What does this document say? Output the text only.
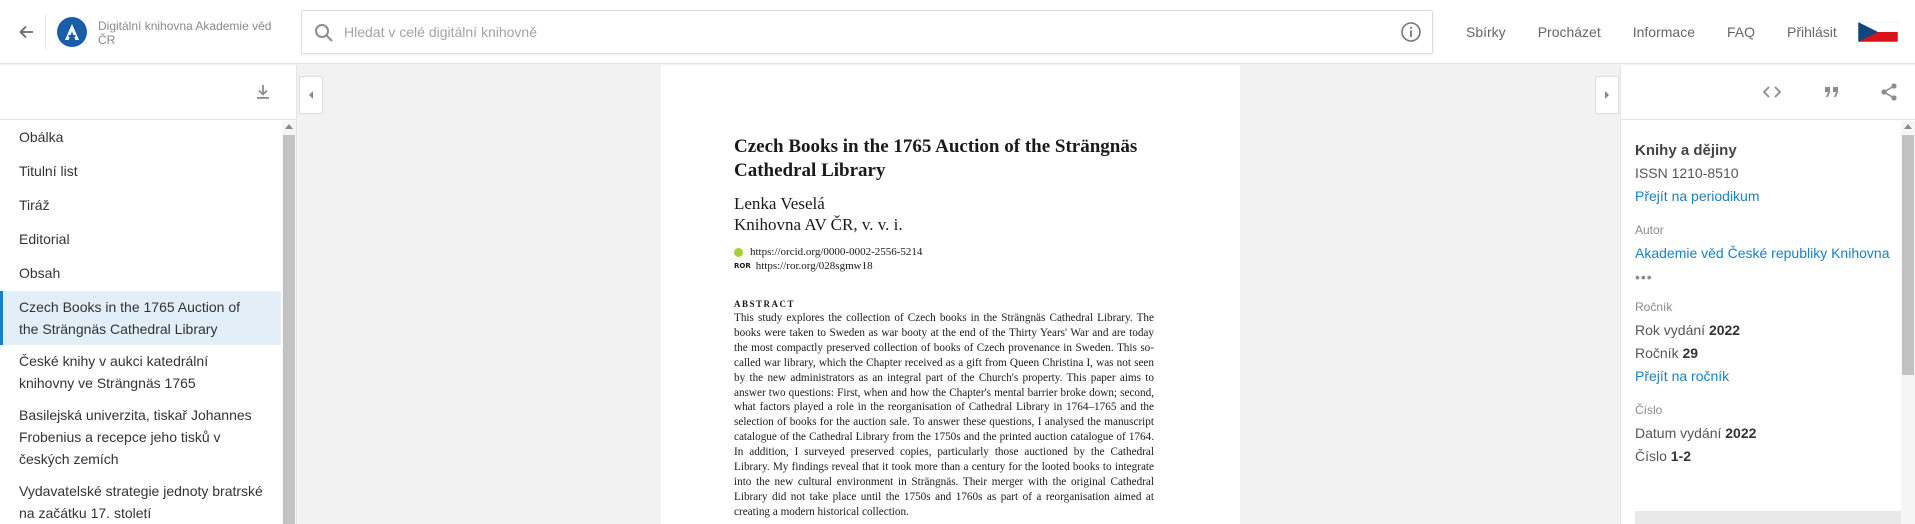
Digitální knihovna Akademie věd ČR
Hledat v celé digitální knihovně	Sbírky Procházet Informace FAQ Přihlásit
Obálka
Titulní list
Tiráž
Editorial
Obsah
Czech Books in the 1765 Auction of the Strängnäs Cathedral Library
České knihy v aukci katedrální knihovny ve Strängnäs 1765
Basilejská univerzita, tiskař Johannes Frobenius a recepce jeho tisků v českých zemích
Vydavatelské strategie jednoty bratrské na začátku 17. století
Czech Books in the 1765 Auction of the Strängnäs Cathedral Library
Lenka Veselá
Knihovna AV ČR, v. v. i.
https://orcid.org/0000-0002-2556-5214
ROR https://ror.org/028sgmw18
ABSTRACT
This study explores the collection of Czech books in the Strängnäs Cathedral Library. The books were taken to Sweden as war booty at the end of the Thirty Years' War and are today the most compactly preserved collection of books of Czech provenance in Sweden. This so-called war library, which the Chapter received as a gift from Queen Christina I, was not seen by the new administrators as an integral part of the Church's property. This paper aims to answer two questions: First, when and how the Chapter's mental barrier broke down; second, what factors played a role in the reorganisation of Cathedral Library in 1764–1765 and the selection of books for the auction sale. To answer these questions, I analysed the manuscript catalogue of the Cathedral Library from the 1750s and the printed auction catalogue of 1764. In addition, I surveyed preserved copies, particularly those auctioned by the Cathedral Library. My findings reveal that it took more than a century for the looted books to integrate into the new cultural environment in Strängnäs. Their merger with the original Cathedral Library did not take place until the 1750s and 1760s as part of a reorganisation aimed at creating a modern historical collection.
Knihy a dějiny
ISSN 1210-8510
Přejít na periodikum
Autor
Akademie věd České republiky Knihovna
•••
Ročník
Rok vydání 2022
Ročník 29
Přejít na ročník
Číslo
Datum vydání 2022
Číslo 1-2
